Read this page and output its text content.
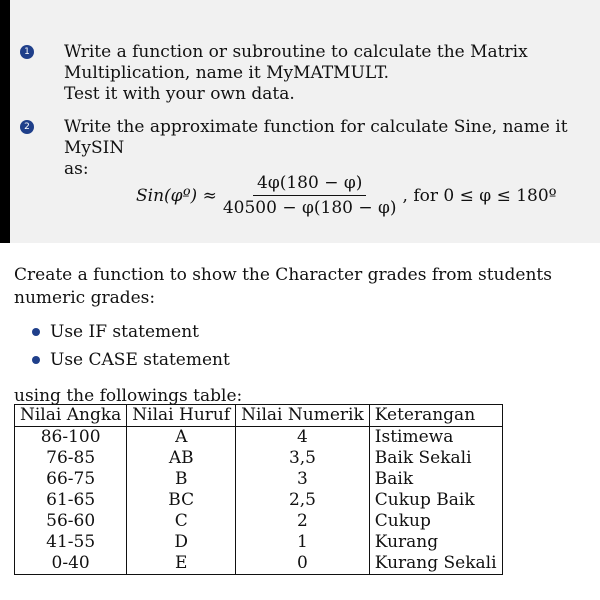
1 Write a function or subroutine to calculate the Matrix
Multiplication, name it MyMATMULT.
Test it with your own data.
2 Write the approximate function for calculate Sine, name it MySIN
as:
Sin(φº) ≈ $\frac{4\varphi(180 - \varphi)}{40500 - \varphi(180 - \varphi)}$ , for 0 ≤ φ ≤ 180º
Create a function to show the Character grades from students numeric grades:
Use IF statement
Use CASE statement
using the followings table:
Nilai Angka	Nilai Huruf	Nilai Numerik	Keterangan
86-100	A	4	Istimewa
76-85	AB	3,5	Baik Sekali
66-75	B	3	Baik
61-65	BC	2,5	Cukup Baik
56-60	C	2	Cukup
41-55	D	1	Kurang
0-40	E	0	Kurang Sekali
